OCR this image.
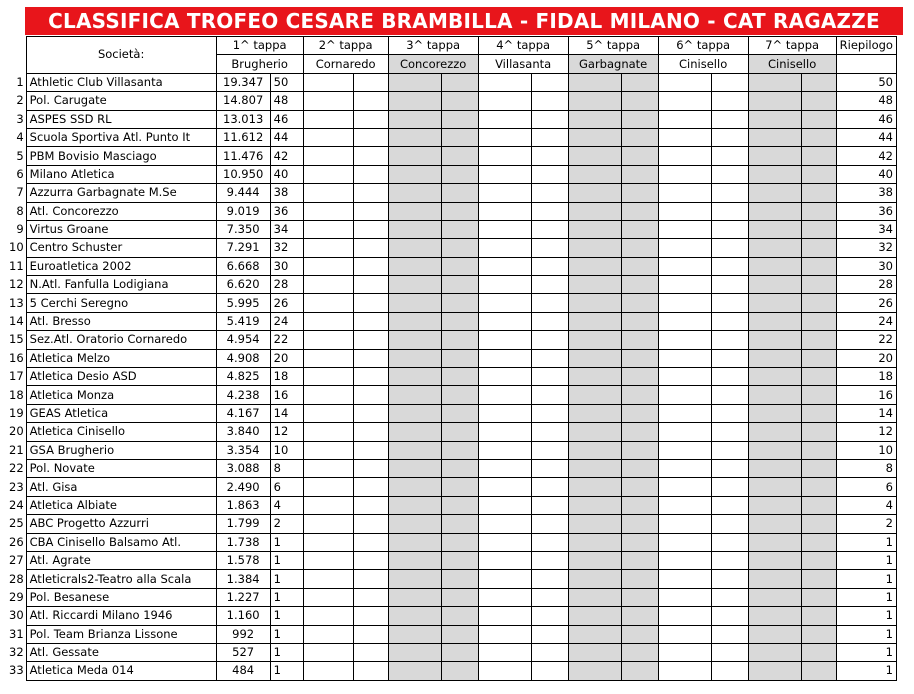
CLASSIFICA TROFEO CESARE BRAMBILLA - FIDAL MILANO - CAT RAGAZZE
	Società:	1^ tappa		2^ tappa		3^ tappa		4^ tappa		5^ tappa		6^ tappa		7^ tappa		Riepilogo
		Brugherio		Cornaredo		Concorezzo		Villasanta		Garbagnate		Cinisello		Cinisello		
1	Athletic Club Villasanta	19.347	50													50
2	Pol. Carugate	14.807	48													48
3	ASPES SSD RL	13.013	46													46
4	Scuola Sportiva Atl. Punto It	11.612	44													44
5	PBM Bovisio Masciago	11.476	42													42
6	Milano Atletica	10.950	40													40
7	Azzurra Garbagnate M.Se	9.444	38													38
8	Atl. Concorezzo	9.019	36													36
9	Virtus Groane	7.350	34													34
10	Centro Schuster	7.291	32													32
11	Euroatletica 2002	6.668	30													30
12	N.Atl. Fanfulla Lodigiana	6.620	28													28
13	5 Cerchi Seregno	5.995	26													26
14	Atl. Bresso	5.419	24													24
15	Sez.Atl. Oratorio Cornaredo	4.954	22													22
16	Atletica Melzo	4.908	20													20
17	Atletica Desio ASD	4.825	18													18
18	Atletica Monza	4.238	16													16
19	GEAS Atletica	4.167	14													14
20	Atletica Cinisello	3.840	12													12
21	GSA Brugherio	3.354	10													10
22	Pol. Novate	3.088	8													8
23	Atl. Gisa	2.490	6													6
24	Atletica Albiate	1.863	4													4
25	ABC Progetto Azzurri	1.799	2													2
26	CBA Cinisello Balsamo Atl.	1.738	1													1
27	Atl. Agrate	1.578	1													1
28	Atleticrals2-Teatro alla Scala	1.384	1													1
29	Pol. Besanese	1.227	1													1
30	Atl. Riccardi Milano 1946	1.160	1													1
31	Pol. Team Brianza Lissone	992	1													1
32	Atl. Gessate	527	1													1
33	Atletica Meda 014	484	1													1
